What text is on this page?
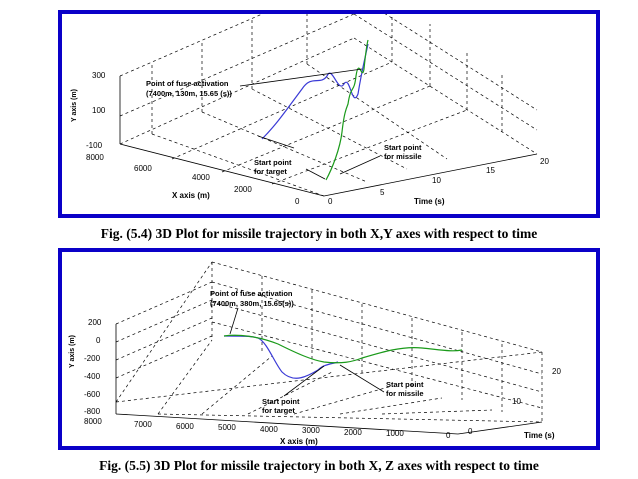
300
100
-100
8000
6000
4000
2000
0	0
5
10
15
20
Y axis (m)
X axis (m)
Time (s)
Point of fuse activation
(7400m, 130m, 15.65 (s))
Start point
for target
Start point
for missile
Fig. (5.4) 3D Plot for missile trajectory in both X,Y axes with respect to time
200
0
-200
-400
-600
-800
8000	7000	6000	5000	4000	3000	2000	1000	0 0
10
20
Y axis (m)
X axis (m)
Time (s)
Point of fuse activation
(7400m, 380m, 15.65(s))
Start point
for target
Start point
for missile
Fig. (5.5) 3D Plot for missile trajectory in both X, Z axes with respect to time
